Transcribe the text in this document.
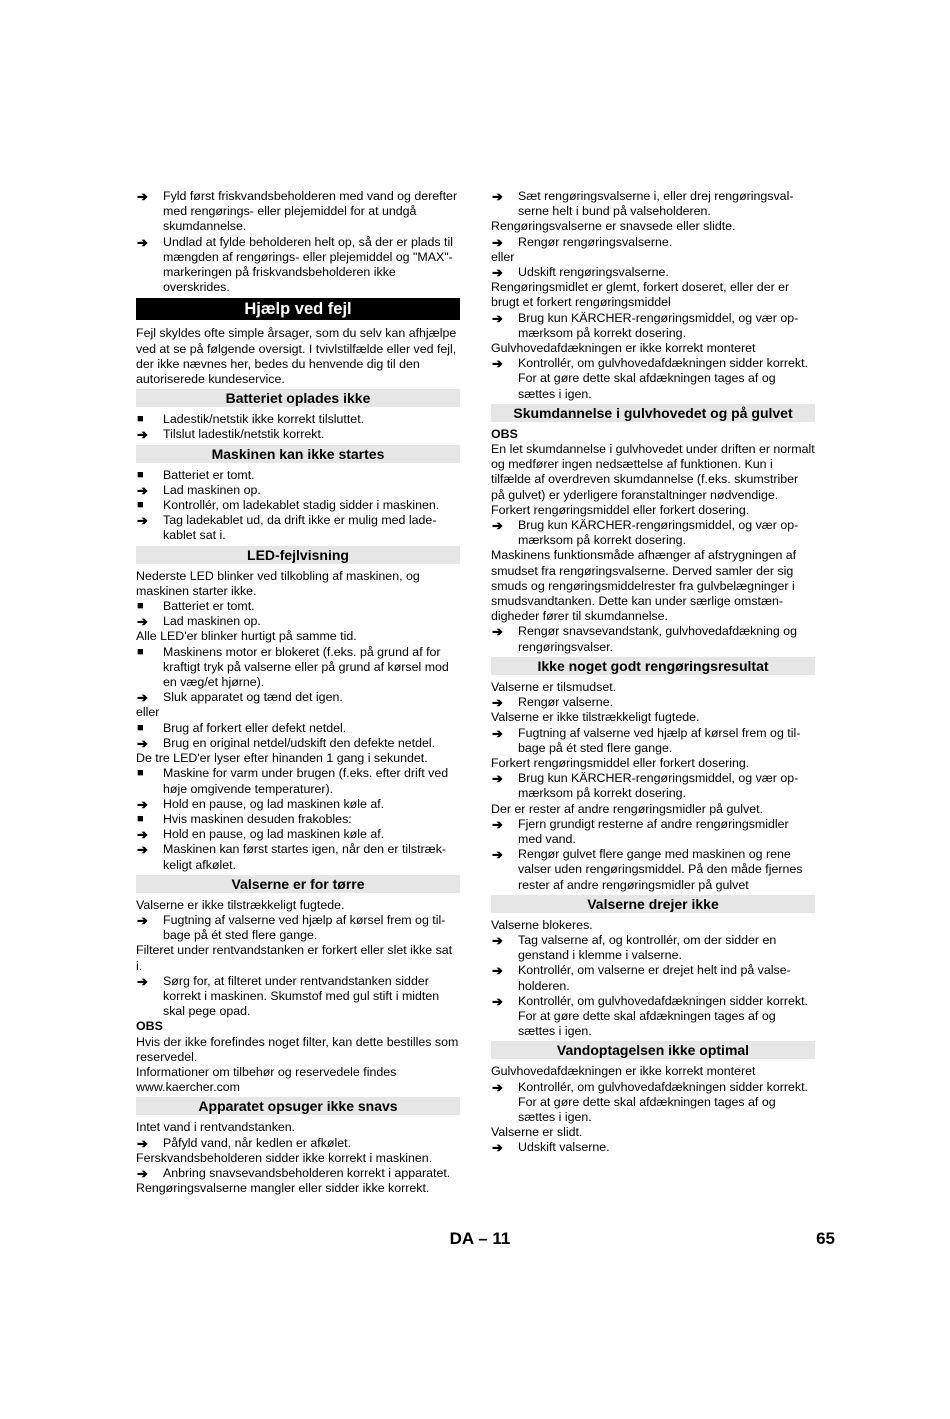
➔	Fyld først friskvandsbeholderen med vand og derefter med rengørings- eller plejemiddel for at undgå skumdannelse.
➔	Undlad at fylde beholderen helt op, så der er plads til mængden af rengørings- eller plejemiddel og "MAX"-markeringen på friskvandsbeholderen ikke overskrides.
Hjælp ved fejl

Fejl skyldes ofte simple årsager, som du selv kan afhjælpe ved at se på følgende oversigt. I tvivlstilfælde eller ved fejl, der ikke nævnes her, bedes du henvende dig til den autoriserede kundeservice.

Batteriet oplades ikke
■	Ladestik/netstik ikke korrekt tilsluttet.
➔	Tilslut ladestik/netstik korrekt.
Maskinen kan ikke startes
■	Batteriet er tomt.
➔	Lad maskinen op.
■	Kontrollér, om ladekablet stadig sidder i maskinen.
➔	Tag ladekablet ud, da drift ikke er mulig med ladekablet sat i.
LED-fejlvisning

Nederste LED blinker ved tilkobling af maskinen, og maskinen starter ikke.

■	Batteriet er tomt.
➔	Lad maskinen op.

Alle LED'er blinker hurtigt på samme tid.

■	Maskinens motor er blokeret (f.eks. på grund af for kraftigt tryk på valserne eller på grund af kørsel mod en væg/et hjørne).
➔	Sluk apparatet og tænd det igen.

eller

■	Brug af forkert eller defekt netdel.
➔	Brug en original netdel/udskift den defekte netdel.

De tre LED'er lyser efter hinanden 1 gang i sekundet.

■	Maskine for varm under brugen (f.eks. efter drift ved høje omgivende temperaturer).
➔	Hold en pause, og lad maskinen køle af.
■	Hvis maskinen desuden frakobles:
➔	Hold en pause, og lad maskinen køle af.
➔	Maskinen kan først startes igen, når den er tilstrækkeligt afkølet.
Valserne er for tørre

Valserne er ikke tilstrækkeligt fugtede.

➔	Fugtning af valserne ved hjælp af kørsel frem og tilbage på ét sted flere gange.

Filteret under rentvandstanken er forkert eller slet ikke sat i.

➔	Sørg for, at filteret under rentvandstanken sidder korrekt i maskinen. Skumstof med gul stift i midten skal pege opad.

OBS

Hvis der ikke forefindes noget filter, kan dette bestilles som reservedel.

Informationer om tilbehør og reservedele findes www.kaercher.com

Apparatet opsuger ikke snavs

Intet vand i rentvandstanken.

➔	Påfyld vand, når kedlen er afkølet.

Ferskvandsbeholderen sidder ikke korrekt i maskinen.

➔	Anbring snavsevandsbeholderen korrekt i apparatet.

Rengøringsvalserne mangler eller sidder ikke korrekt.

➔	Sæt rengøringsvalserne i, eller drej rengøringsvalserne helt i bund på valseholderen.

Rengøringsvalserne er snavsede eller slidte.

➔	Rengør rengøringsvalserne.

eller

➔	Udskift rengøringsvalserne.

Rengøringsmidlet er glemt, forkert doseret, eller der er brugt et forkert rengøringsmiddel

➔	Brug kun KÄRCHER-rengøringsmiddel, og vær opmærksom på korrekt dosering.

Gulvhovedafdækningen er ikke korrekt monteret

➔	Kontrollér, om gulvhovedafdækningen sidder korrekt. For at gøre dette skal afdækningen tages af og sættes i igen.
Skumdannelse i gulvhovedet og på gulvet

OBS

En let skumdannelse i gulvhovedet under driften er normalt og medfører ingen nedsættelse af funktionen. Kun i tilfælde af overdreven skumdannelse (f.eks. skumstriber på gulvet) er yderligere foranstaltninger nødvendige.

Forkert rengøringsmiddel eller forkert dosering.

➔	Brug kun KÄRCHER-rengøringsmiddel, og vær opmærksom på korrekt dosering.

Maskinens funktionsmåde afhænger af afstrygningen af smudset fra rengøringsvalserne. Derved samler der sig smuds og rengøringsmiddelrester fra gulvbelægninger i smudsvandtanken. Dette kan under særlige omstændigheder fører til skumdannelse.

➔	Rengør snavsevandstank, gulvhovedafdækning og rengøringsvalser.
Ikke noget godt rengøringsresultat

Valserne er tilsmudset.

➔	Rengør valserne.

Valserne er ikke tilstrækkeligt fugtede.

➔	Fugtning af valserne ved hjælp af kørsel frem og tilbage på ét sted flere gange.

Forkert rengøringsmiddel eller forkert dosering.

➔	Brug kun KÄRCHER-rengøringsmiddel, og vær opmærksom på korrekt dosering.

Der er rester af andre rengøringsmidler på gulvet.

➔	Fjern grundigt resterne af andre rengøringsmidler med vand.
➔	Rengør gulvet flere gange med maskinen og rene valser uden rengøringsmiddel. På den måde fjernes rester af andre rengøringsmidler på gulvet
Valserne drejer ikke

Valserne blokeres.

➔	Tag valserne af, og kontrollér, om der sidder en genstand i klemme i valserne.
➔	Kontrollér, om valserne er drejet helt ind på valseholderen.
➔	Kontrollér, om gulvhovedafdækningen sidder korrekt. For at gøre dette skal afdækningen tages af og sættes i igen.
Vandoptagelsen ikke optimal

Gulvhovedafdækningen er ikke korrekt monteret

➔	Kontrollér, om gulvhovedafdækningen sidder korrekt. For at gøre dette skal afdækningen tages af og sættes i igen.

Valserne er slidt.

➔	Udskift valserne.
DA – 11	65
